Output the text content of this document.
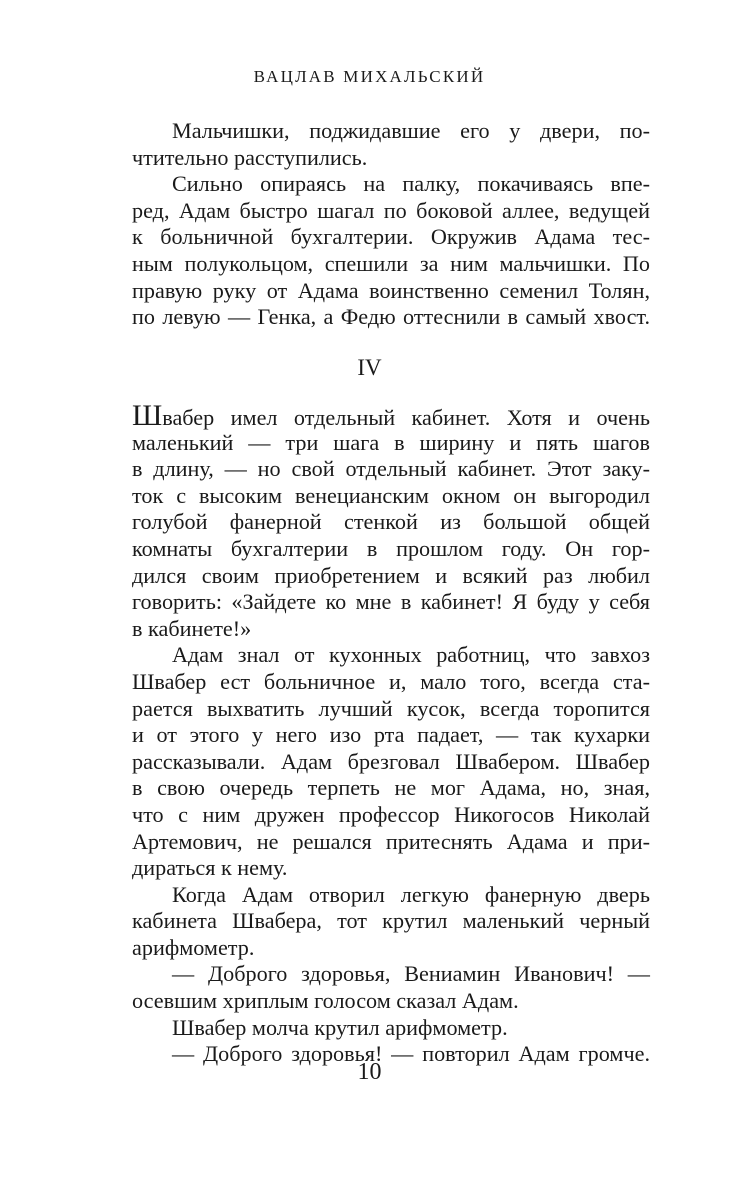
ВАЦЛАВ МИХАЛЬСКИЙ
Мальчишки, поджидавшие его у двери, по-
чтительно расступились.
Сильно опираясь на палку, покачиваясь впе-
ред, Адам быстро шагал по боковой аллее, ведущей
к больничной бухгалтерии. Окружив Адама тес-
ным полукольцом, спешили за ним мальчишки. По
правую руку от Адама воинственно семенил Толян,
по левую — Генка, а Федю оттеснили в самый хвост.
IV
Швабер имел отдельный кабинет. Хотя и очень
маленький — три шага в ширину и пять шагов
в длину, — но свой отдельный кабинет. Этот заку-
ток с высоким венецианским окном он выгородил
голубой фанерной стенкой из большой общей
комнаты бухгалтерии в прошлом году. Он гор-
дился своим приобретением и всякий раз любил
говорить: «Зайдете ко мне в кабинет! Я буду у себя
в кабинете!»
Адам знал от кухонных работниц, что завхоз
Швабер ест больничное и, мало того, всегда ста-
рается выхватить лучший кусок, всегда торопится
и от этого у него изо рта падает, — так кухарки
рассказывали. Адам брезговал Швабером. Швабер
в свою очередь терпеть не мог Адама, но, зная,
что с ним дружен профессор Никогосов Николай
Артемович, не решался притеснять Адама и при-
дираться к нему.
Когда Адам отворил легкую фанерную дверь
кабинета Швабера, тот крутил маленький черный
арифмометр.
— Доброго здоровья, Вениамин Иванович! —
осевшим хриплым голосом сказал Адам.
Швабер молча крутил арифмометр.
— Доброго здоровья! — повторил Адам громче.
10
